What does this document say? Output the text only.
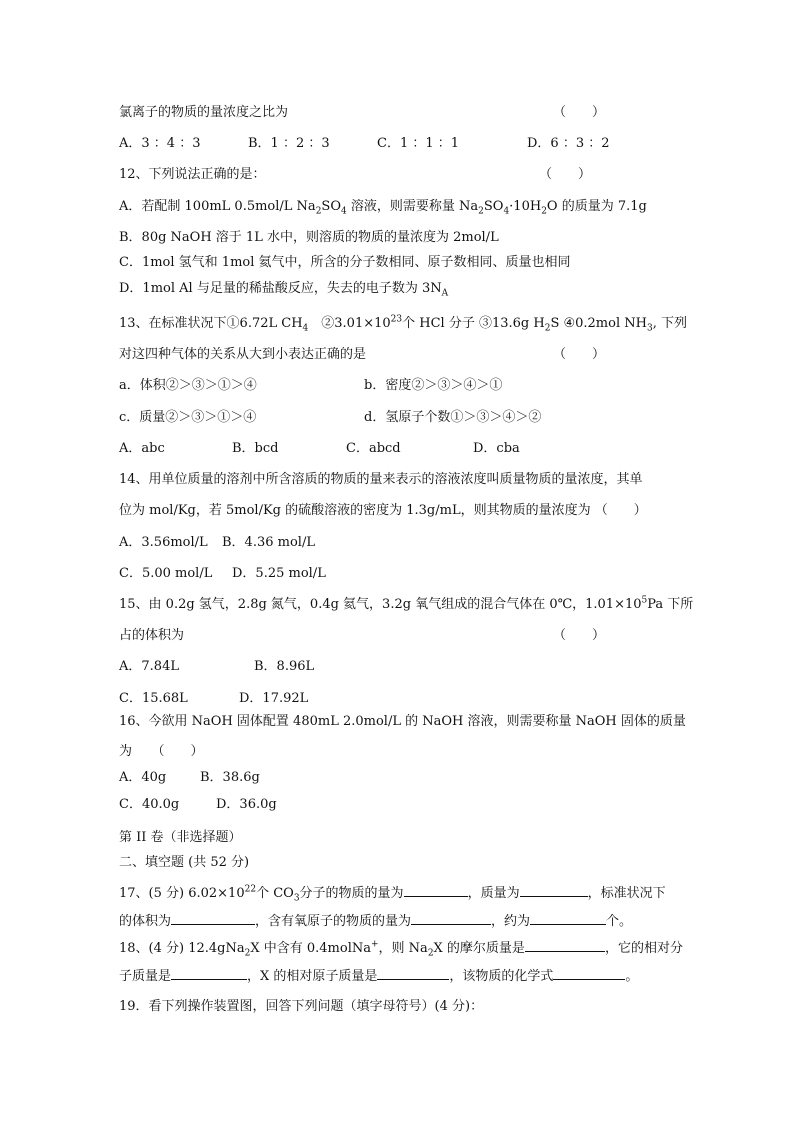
氯离子的物质的量浓度之比为	（　　）
A．3 ：4 ：3	B．1 ：2 ：3	C．1 ：1 ：1	D．6 ：3 ：2
12、下列说法正确的是：	（　　）
A．若配制 100mL 0.5mol/L $Na_2SO_4$ 溶液，则需要称量 $Na_2SO_4\cdot 10H_2O$ 的质量为 7.1g
B．80g NaOH 溶于 1L 水中，则溶质的物质的量浓度为 2mol/L
C．1mol 氢气和 1mol 氦气中，所含的分子数相同、原子数相同、质量也相同
D．1mol Al 与足量的稀盐酸反应，失去的电子数为 $3N_A$
13、在标准状况下①6.72L $CH_4$　$②3.01\times 10^{23}$个 HCl 分子 ③13.6g $H_2S$ ④0.2mol $NH_3$, 下列
对这四种气体的关系从大到小表达正确的是	（　　）
a．体积②＞③＞①＞④	b．密度②＞③＞④＞①
c．质量②＞③＞①＞④	d．氢原子个数①＞③＞④＞②
A．abc	B．bcd	C．abcd	D．cba
14、用单位质量的溶剂中所含溶质的物质的量来表示的溶液浓度叫质量物质的量浓度，其单
位为 mol/Kg，若 5mol/Kg 的硫酸溶液的密度为 1.3g/mL，则其物质的量浓度为 （　　）
A．3.56mol/L B．4.36 mol/L
C．5.00 mol/L D．5.25 mol/L
15、由 0.2g 氢气，2.8g 氮气，0.4g 氦气，3.2g 氧气组成的混合气体在 0℃，$1.01\times 10^5Pa$ 下所
占的体积为	（　　）
A．7.84L	B．8.96L
C．15.68L	D．17.92L
16、今欲用 NaOH 固体配置 480mL 2.0mol/L 的 NaOH 溶液，则需要称量 NaOH 固体的质量
为　　（　　）
A．40g	B．38.6g
C．40.0g	D．36.0g
第 II 卷（非选择题）
二、填空题 (共 52 分)
17、(5 分) $6.02\times 10^{22}$个 $CO_3$分子的物质的量为	，质量为	，标准状况下
的体积为	，含有氧原子的物质的量为	，约为	个。
18、(4 分) 12.4gNa$_2$X 中含有 0.4molNa+，则 $Na_2X$ 的摩尔质量是	，它的相对分
子质量是	，X 的相对原子质量是	，该物质的化学式	。
19．看下列操作装置图，回答下列问题（填字母符号）(4 分)：
